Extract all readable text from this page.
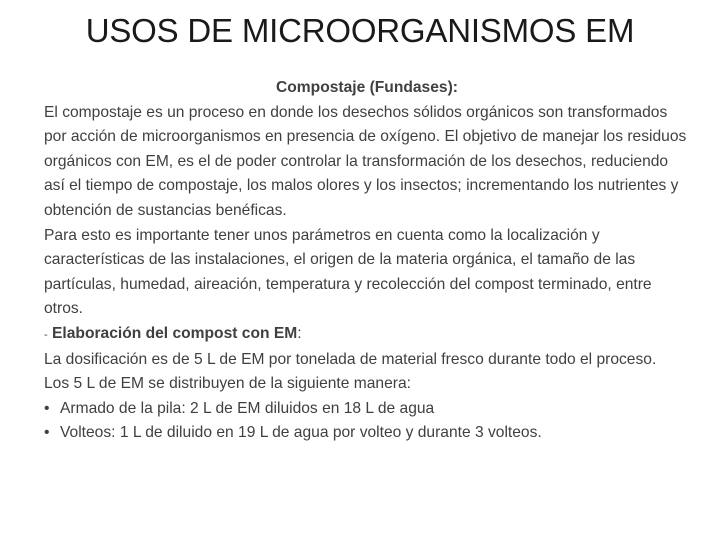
USOS DE MICROORGANISMOS EM

Compostaje (Fundases):

El compostaje es un proceso en donde los desechos sólidos orgánicos son transformados por acción de microorganismos en presencia de oxígeno. El objetivo de manejar los residuos orgánicos con EM, es el de poder controlar la transformación de los desechos, reduciendo así el tiempo de compostaje, los malos olores y los insectos; incrementando los nutrientes y obtención de sustancias benéficas.

Para esto es importante tener unos parámetros en cuenta como la localización y características de las instalaciones, el origen de la materia orgánica, el tamaño de las partículas, humedad, aireación, temperatura y recolección del compost terminado, entre otros.

- Elaboración del compost con EM:

La dosificación es de 5 L de EM por tonelada de material fresco durante todo el proceso.

Los 5 L de EM se distribuyen de la siguiente manera:

• Armado de la pila: 2 L de EM diluidos en 18 L de agua
• Volteos: 1 L de diluido en 19 L de agua por volteo y durante 3 volteos.
